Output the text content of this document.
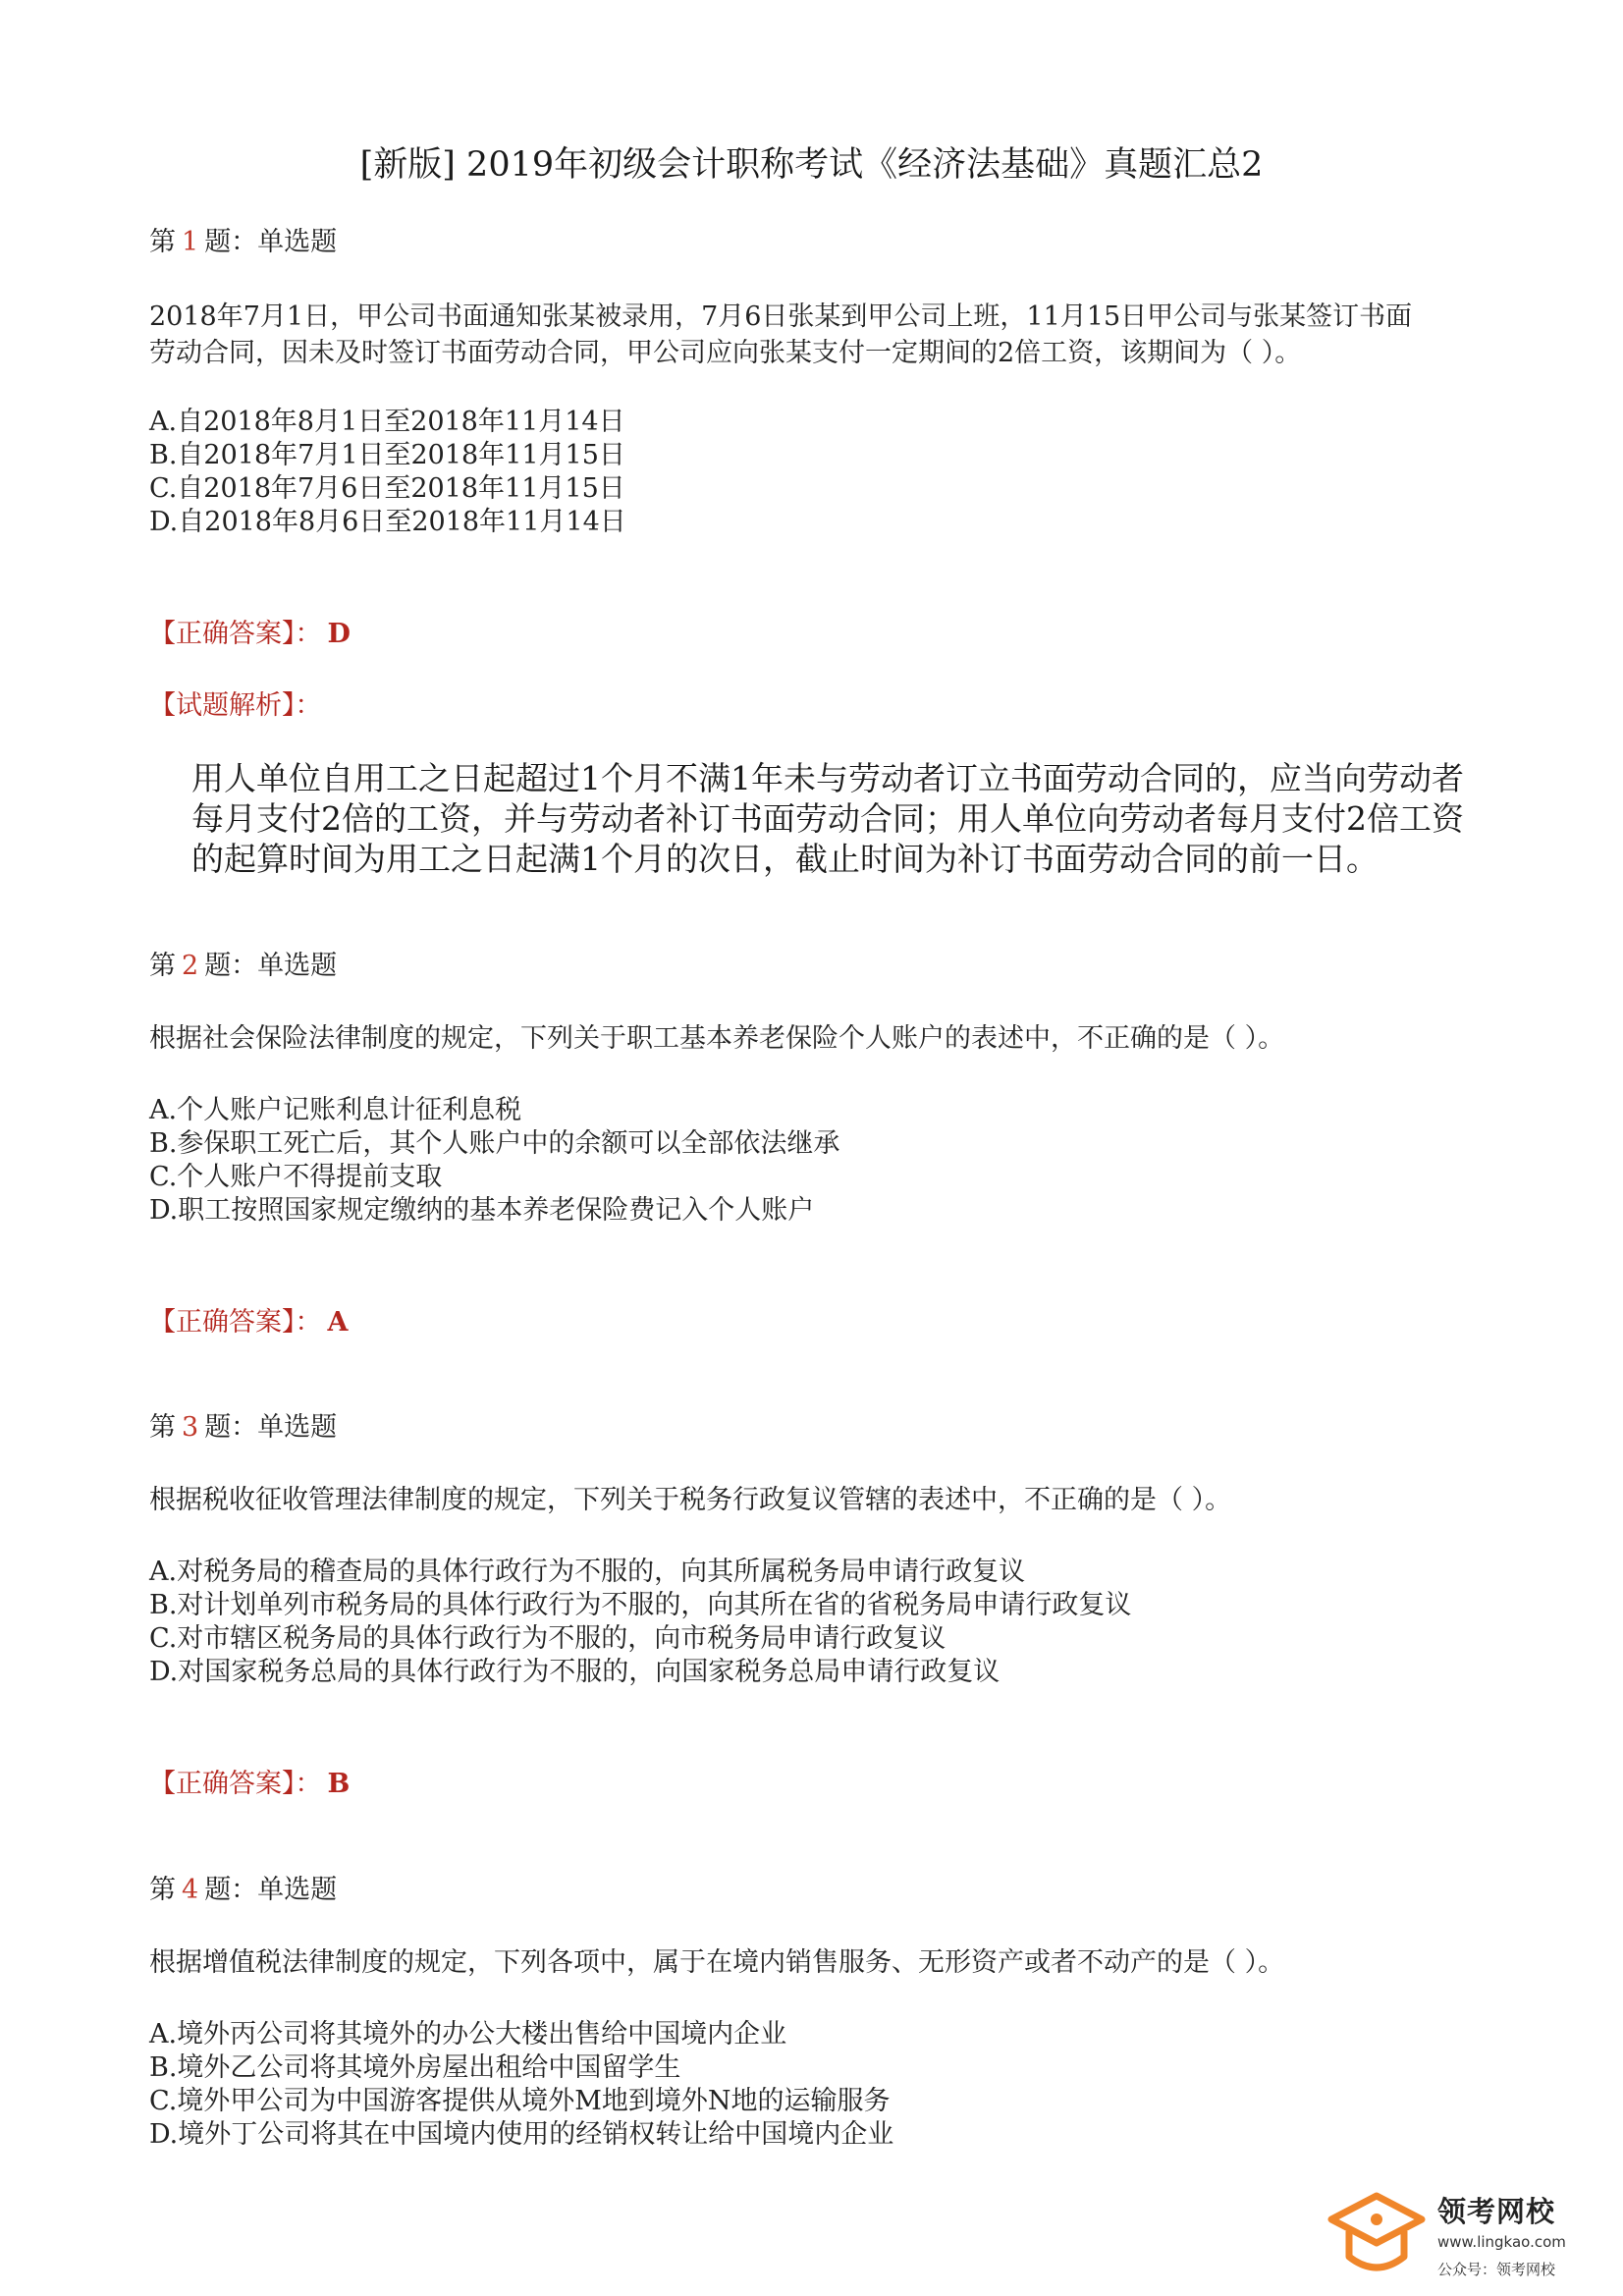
[新版] 2019年初级会计职称考试《经济法基础》真题汇总2
第 1 题：单选题
2018年7月1日，甲公司书面通知张某被录用，7月6日张某到甲公司上班，11月15日甲公司与张某签订书面
劳动合同，因未及时签订书面劳动合同，甲公司应向张某支付一定期间的2倍工资，该期间为（ ）。
A.自2018年8月1日至2018年11月14日
B.自2018年7月1日至2018年11月15日
C.自2018年7月6日至2018年11月15日
D.自2018年8月6日至2018年11月14日
【正确答案】： D
【试题解析】：
用人单位自用工之日起超过1个月不满1年未与劳动者订立书面劳动合同的，应当向劳动者
每月支付2倍的工资，并与劳动者补订书面劳动合同；用人单位向劳动者每月支付2倍工资
的起算时间为用工之日起满1个月的次日，截止时间为补订书面劳动合同的前一日。
第 2 题：单选题
根据社会保险法律制度的规定，下列关于职工基本养老保险个人账户的表述中，不正确的是（ ）。
A.个人账户记账利息计征利息税
B.参保职工死亡后，其个人账户中的余额可以全部依法继承
C.个人账户不得提前支取
D.职工按照国家规定缴纳的基本养老保险费记入个人账户
【正确答案】： A
第 3 题：单选题
根据税收征收管理法律制度的规定，下列关于税务行政复议管辖的表述中，不正确的是（ ）。
A.对税务局的稽查局的具体行政行为不服的，向其所属税务局申请行政复议
B.对计划单列市税务局的具体行政行为不服的，向其所在省的省税务局申请行政复议
C.对市辖区税务局的具体行政行为不服的，向市税务局申请行政复议
D.对国家税务总局的具体行政行为不服的，向国家税务总局申请行政复议
【正确答案】： B
第 4 题：单选题
根据增值税法律制度的规定，下列各项中，属于在境内销售服务、无形资产或者不动产的是（ ）。
A.境外丙公司将其境外的办公大楼出售给中国境内企业
B.境外乙公司将其境外房屋出租给中国留学生
C.境外甲公司为中国游客提供从境外M地到境外N地的运输服务
D.境外丁公司将其在中国境内使用的经销权转让给中国境内企业
领考网校
www.lingkao.com
公众号：领考网校
